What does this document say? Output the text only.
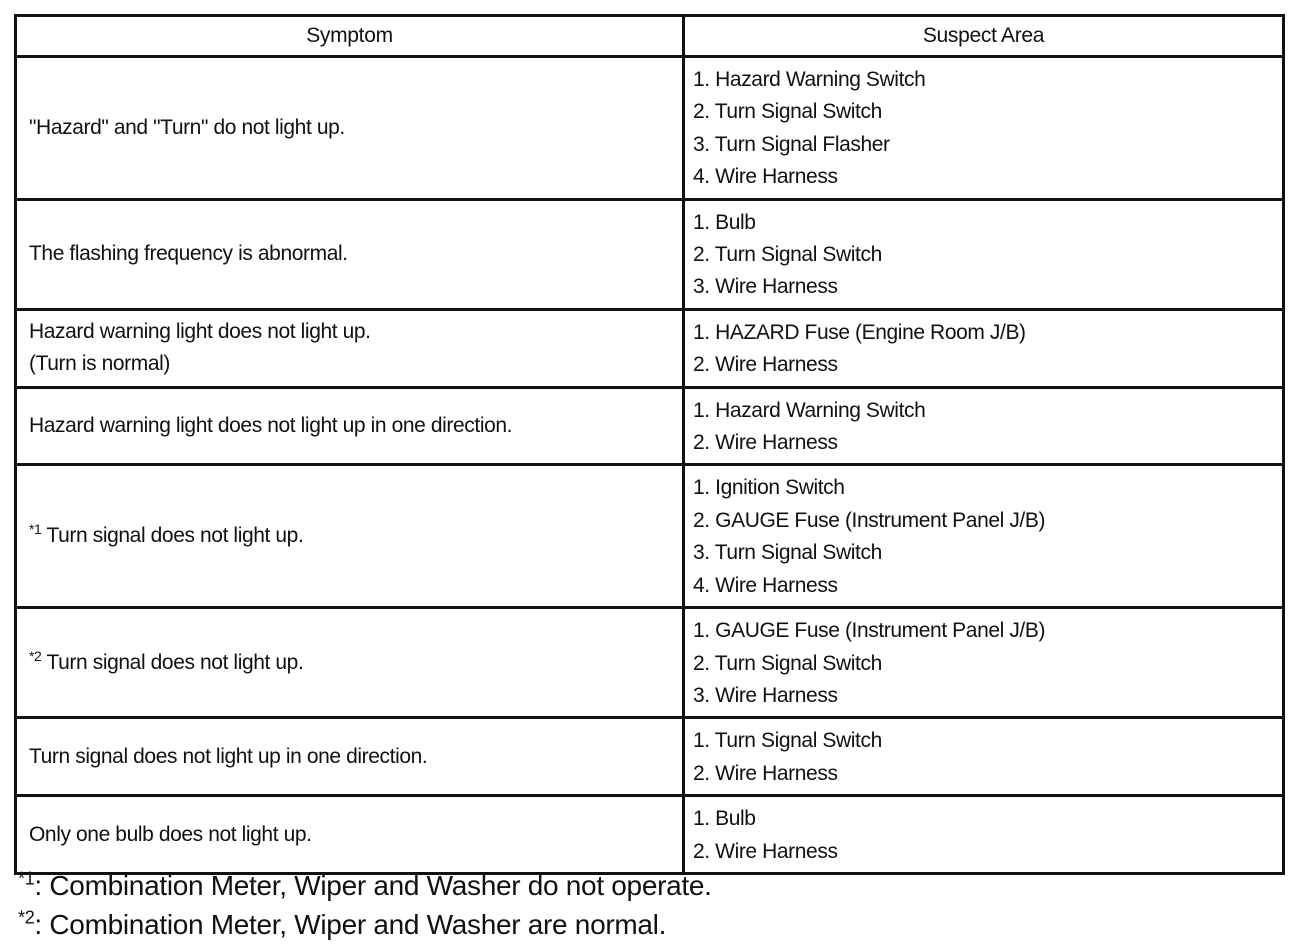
Symptom	Suspect Area

"Hazard" and "Turn" do not light up.	1. Hazard Warning Switch
2. Turn Signal Switch
3. Turn Signal Flasher
4. Wire Harness

The flashing frequency is abnormal.	1. Bulb
2. Turn Signal Switch
3. Wire Harness

Hazard warning light does not light up.
(Turn is normal)	1. HAZARD Fuse (Engine Room J/B)
2. Wire Harness

Hazard warning light does not light up in one direction.	1. Hazard Warning Switch
2. Wire Harness

$^{*1}$ Turn signal does not light up.	1. Ignition Switch
2. GAUGE Fuse (Instrument Panel J/B)
3. Turn Signal Switch
4. Wire Harness

$^{*2}$ Turn signal does not light up.	1. GAUGE Fuse (Instrument Panel J/B)
2. Turn Signal Switch
3. Wire Harness

Turn signal does not light up in one direction.	1. Turn Signal Switch
2. Wire Harness

Only one bulb does not light up.	1. Bulb
2. Wire Harness
$^{*1}$: Combination Meter, Wiper and Washer do not operate.
$^{*2}$: Combination Meter, Wiper and Washer are normal.
